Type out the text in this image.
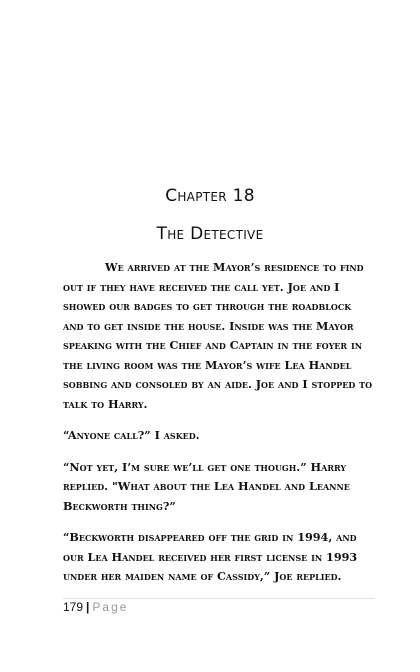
Chapter 18
The Detective

We arrived at the Mayor’s residence to find out if they have received the call yet. Joe and I showed our badges to get through the roadblock and to get inside the house. Inside was the Mayor speaking with the Chief and Captain in the foyer in the living room was the Mayor’s wife Lea Handel sobbing and consoled by an aide. Joe and I stopped to talk to Harry.

“Anyone call?” I asked.

“Not yet, I’m sure we’ll get one though.” Harry replied. "What about the Lea Handel and Leanne Beckworth thing?”

“Beckworth disappeared off the grid in 1994, and our Lea Handel received her first license in 1993 under her maiden name of Cassidy,” Joe replied.

179 | Page
